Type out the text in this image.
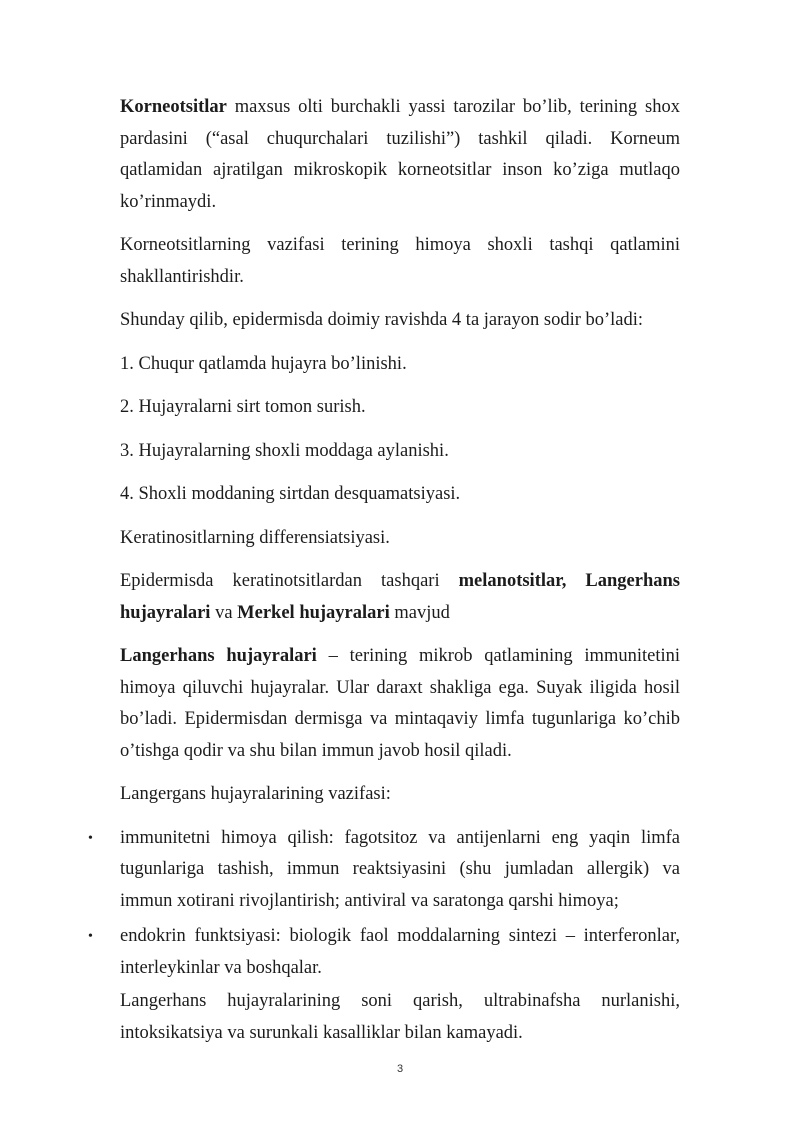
Korneotsitlar maxsus olti burchakli yassi tarozilar bo’lib, terining shox
pardasini (“asal chuqurchalari tuzilishi”) tashkil qiladi. Korneum
qatlamidan ajratilgan mikroskopik korneotsitlar inson ko’ziga mutlaqo
ko’rinmaydi.

Korneotsitlarning vazifasi terining himoya shoxli tashqi qatlamini
shakllantirishdir.

Shunday qilib, epidermisda doimiy ravishda 4 ta jarayon sodir bo’ladi:

1. Chuqur qatlamda hujayra bo’linishi.

2. Hujayralarni sirt tomon surish.

3. Hujayralarning shoxli moddaga aylanishi.

4. Shoxli moddaning sirtdan desquamatsiyasi.

Keratinositlarning differensiatsiyasi.

Epidermisda keratinotsitlardan tashqari melanotsitlar, Langerhans
hujayralari va Merkel hujayralari mavjud

Langerhans hujayralari – terining mikrob qatlamining immunitetini
himoya qiluvchi hujayralar. Ular daraxt shakliga ega. Suyak iligida hosil
bo’ladi. Epidermisdan dermisga va mintaqaviy limfa tugunlariga ko’chib
o’tishga qodir va shu bilan immun javob hosil qiladi.

Langergans hujayralarining vazifasi:

• immunitetni himoya qilish: fagotsitoz va antijenlarni eng yaqin limfa
tugunlariga tashish, immun reaktsiyasini (shu jumladan allergik) va
immun xotirani rivojlantirish; antiviral va saratonga qarshi himoya;
• endokrin funktsiyasi: biologik faol moddalarning sintezi – interferonlar,
interleykinlar va boshqalar.

Langerhans hujayralarining soni qarish, ultrabinafsha nurlanishi,
intoksikatsiya va surunkali kasalliklar bilan kamayadi.

3
